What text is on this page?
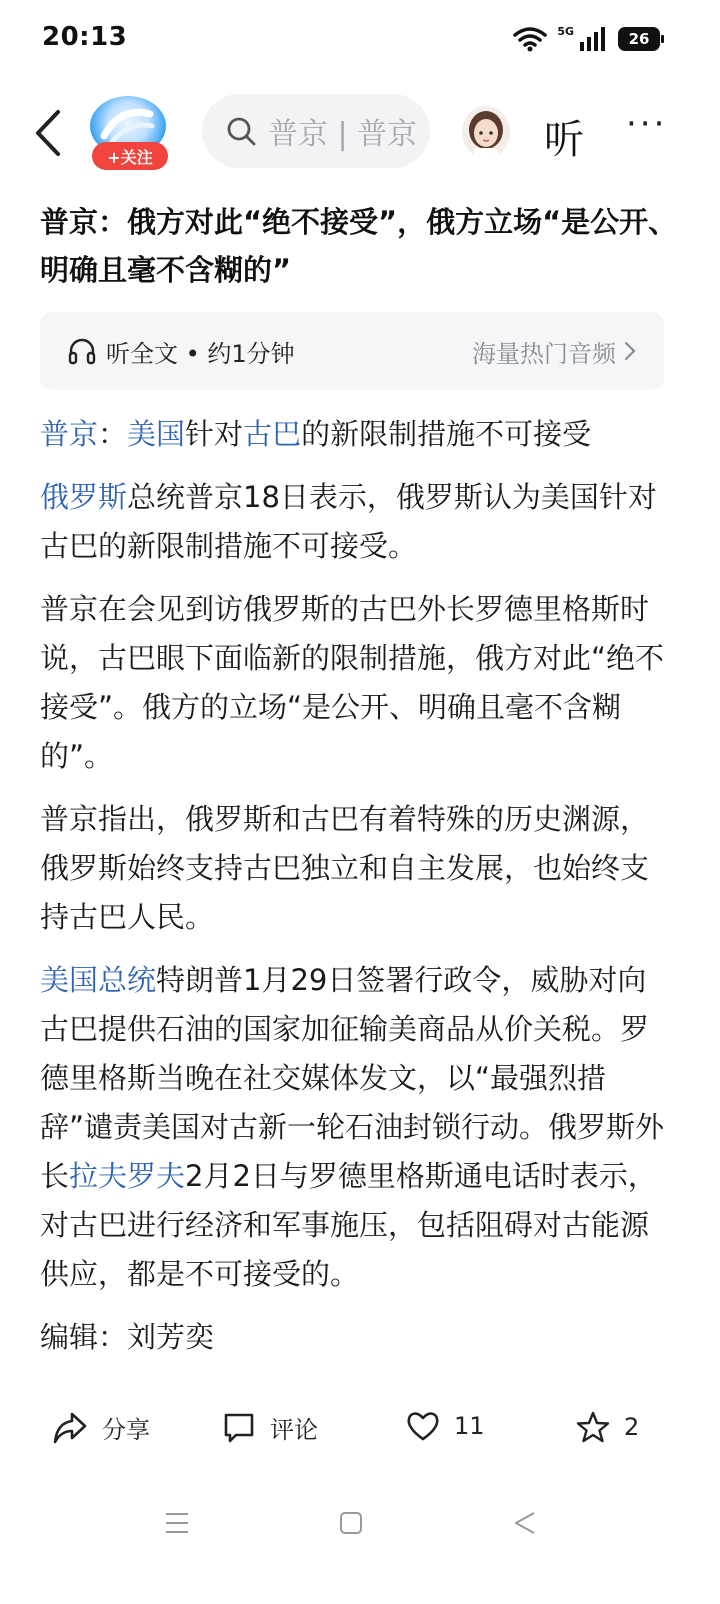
20:13	5G	26
+关注
普京 | 普京	听 ···
普京：俄方对此“绝不接受”，俄方立场“是公开、明确且毫不含糊的”
听全文 • 约1分钟	海量热门音频

普京：美国针对古巴的新限制措施不可接受

俄罗斯总统普京18日表示，俄罗斯认为美国针对古巴的新限制措施不可接受。

普京在会见到访俄罗斯的古巴外长罗德里格斯时说，古巴眼下面临新的限制措施，俄方对此“绝不接受”。俄方的立场“是公开、明确且毫不含糊的”。

普京指出，俄罗斯和古巴有着特殊的历史渊源，俄罗斯始终支持古巴独立和自主发展，也始终支持古巴人民。

美国总统特朗普1月29日签署行政令，威胁对向古巴提供石油的国家加征输美商品从价关税。罗德里格斯当晚在社交媒体发文，以“最强烈措辞”谴责美国对古新一轮石油封锁行动。俄罗斯外长拉夫罗夫2月2日与罗德里格斯通电话时表示，对古巴进行经济和军事施压，包括阻碍对古能源供应，都是不可接受的。

编辑：刘芳奕

分享	评论	11	2
